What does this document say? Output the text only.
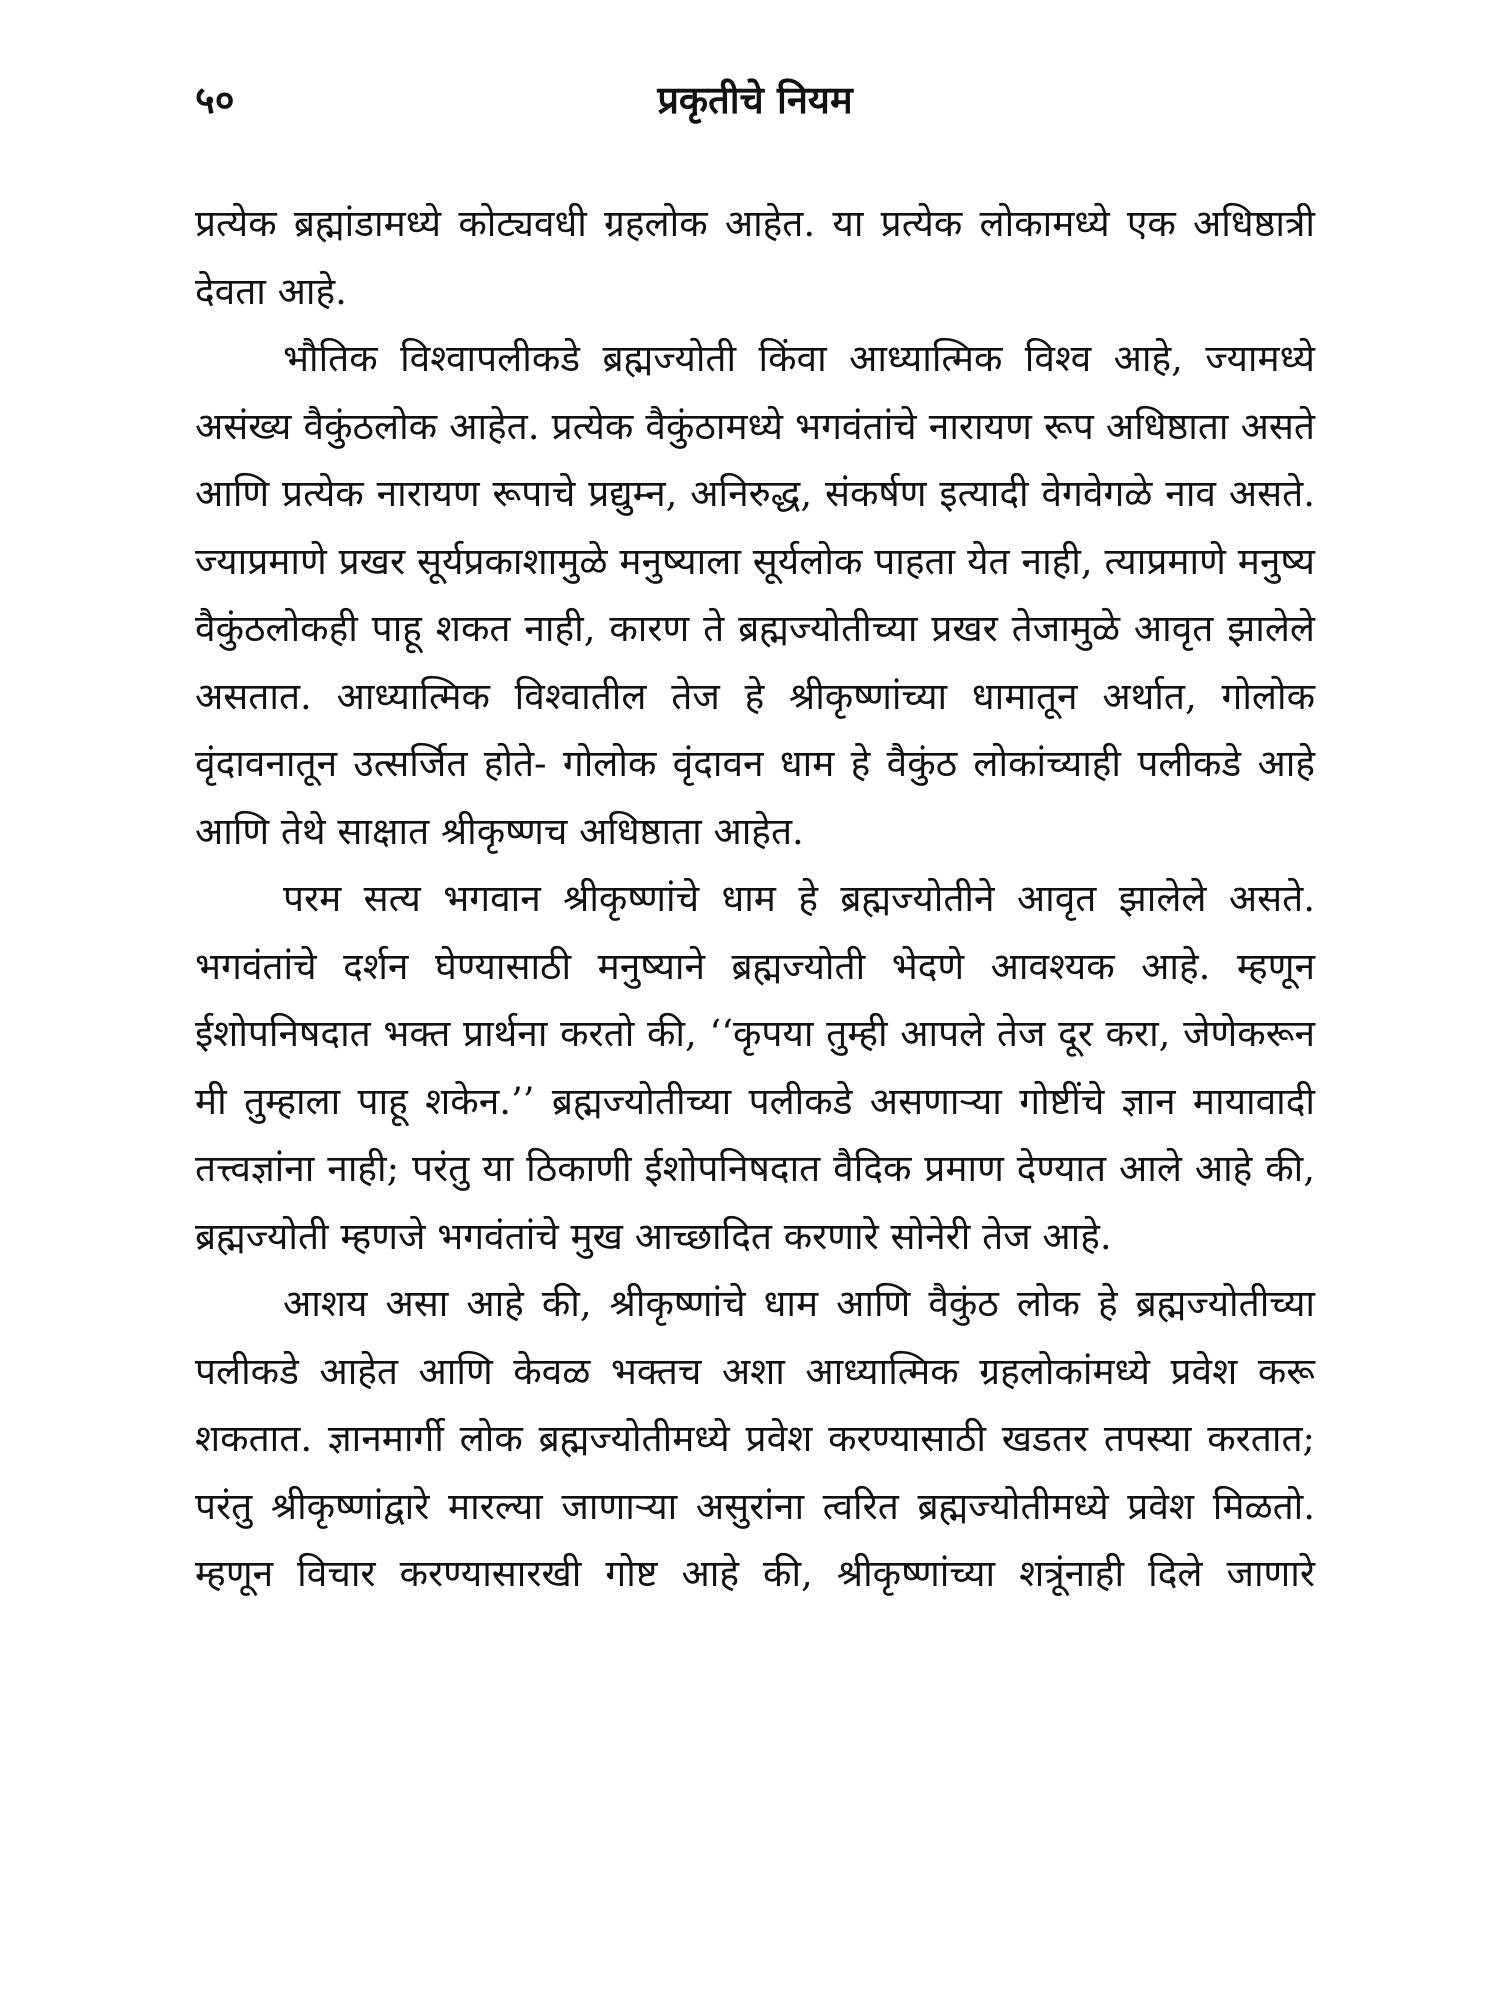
५०	प्रकृतीचे नियम

प्रत्येक ब्रह्मांडामध्ये कोट्यवधी ग्रहलोक आहेत. या प्रत्येक लोकामध्ये एक अधिष्ठात्री देवता आहे.

भौतिक विश्वापलीकडे ब्रह्मज्योती किंवा आध्यात्मिक विश्व आहे, ज्यामध्ये असंख्य वैकुंठलोक आहेत. प्रत्येक वैकुंठामध्ये भगवंतांचे नारायण रूप अधिष्ठाता असते आणि प्रत्येक नारायण रूपाचे प्रद्युम्न, अनिरुद्ध, संकर्षण इत्यादी वेगवेगळे नाव असते. ज्याप्रमाणे प्रखर सूर्यप्रकाशामुळे मनुष्याला सूर्यलोक पाहता येत नाही, त्याप्रमाणे मनुष्य वैकुंठलोकही पाहू शकत नाही, कारण ते ब्रह्मज्योतीच्या प्रखर तेजामुळे आवृत झालेले असतात. आध्यात्मिक विश्वातील तेज हे श्रीकृष्णांच्या धामातून अर्थात, गोलोक वृंदावनातून उत्सर्जित होते- गोलोक वृंदावन धाम हे वैकुंठ लोकांच्याही पलीकडे आहे आणि तेथे साक्षात श्रीकृष्णच अधिष्ठाता आहेत.

परम सत्य भगवान श्रीकृष्णांचे धाम हे ब्रह्मज्योतीने आवृत झालेले असते. भगवंतांचे दर्शन घेण्यासाठी मनुष्याने ब्रह्मज्योती भेदणे आवश्यक आहे. म्हणून ईशोपनिषदात भक्त प्रार्थना करतो की, ‘‘कृपया तुम्ही आपले तेज दूर करा, जेणेकरून मी तुम्हाला पाहू शकेन.’’ ब्रह्मज्योतीच्या पलीकडे असणाऱ्या गोष्टींचे ज्ञान मायावादी तत्त्वज्ञांना नाही; परंतु या ठिकाणी ईशोपनिषदात वैदिक प्रमाण देण्यात आले आहे की, ब्रह्मज्योती म्हणजे भगवंतांचे मुख आच्छादित करणारे सोनेरी तेज आहे.

आशय असा आहे की, श्रीकृष्णांचे धाम आणि वैकुंठ लोक हे ब्रह्मज्योतीच्या पलीकडे आहेत आणि केवळ भक्तच अशा आध्यात्मिक ग्रहलोकांमध्ये प्रवेश करू शकतात. ज्ञानमार्गी लोक ब्रह्मज्योतीमध्ये प्रवेश करण्यासाठी खडतर तपस्या करतात; परंतु श्रीकृष्णांद्वारे मारल्या जाणाऱ्या असुरांना त्वरित ब्रह्मज्योतीमध्ये प्रवेश मिळतो. म्हणून विचार करण्यासारखी गोष्ट आहे की, श्रीकृष्णांच्या शत्रूंनाही दिले जाणारे
